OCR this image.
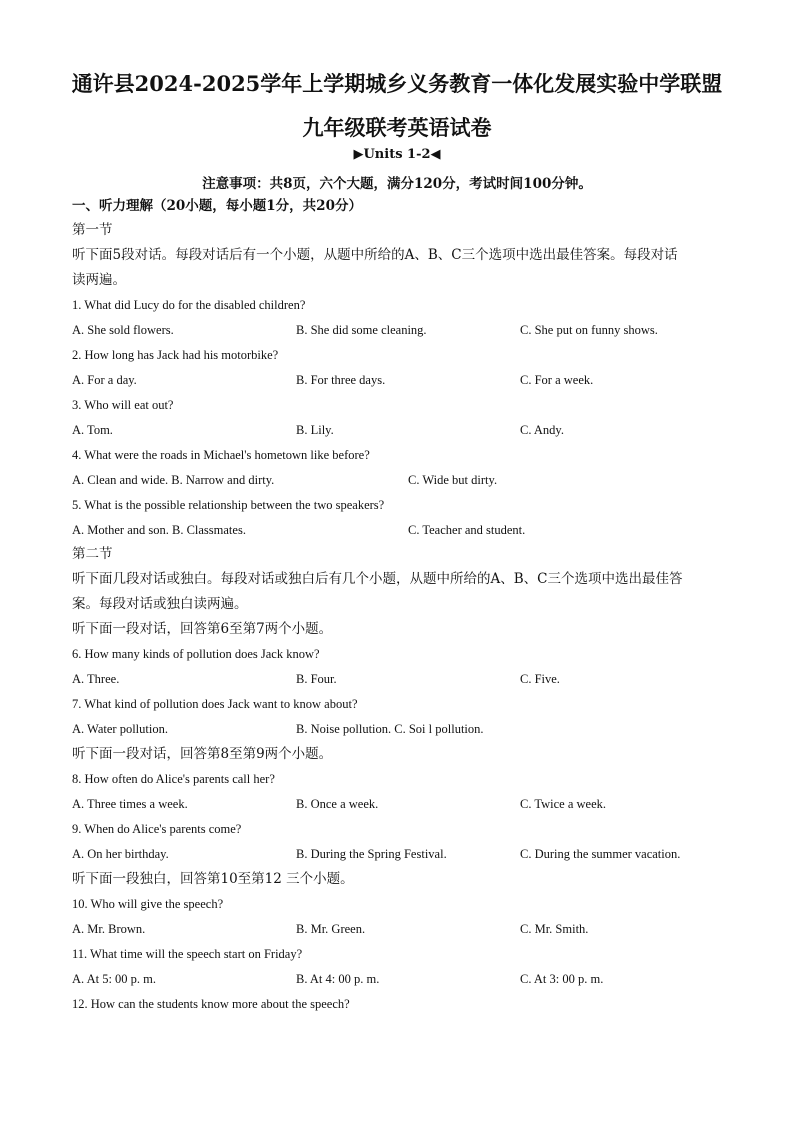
通许县2024-2025学年上学期城乡义务教育一体化发展实验中学联盟
九年级联考英语试卷
▶Units 1-2◀
注意事项：共8页，六个大题，满分120分，考试时间100分钟。
一、听力理解（20小题，每小题1分，共20分）
第一节
听下面5段对话。每段对话后有一个小题，从题中所给的A、B、C三个选项中选出最佳答案。每段对话
读两遍。
1. What did Lucy do for the disabled children?
A. She sold flowers.	B. She did some cleaning.	C. She put on funny shows.
2. How long has Jack had his motorbike?
A. For a day.	B. For three days.	C. For a week.
3. Who will eat out?
A. Tom.	B. Lily.	C. Andy.
4. What were the roads in Michael's hometown like before?
A. Clean and wide. B. Narrow and dirty.	C. Wide but dirty.
5. What is the possible relationship between the two speakers?
A. Mother and son. B. Classmates.	C. Teacher and student.
第二节
听下面几段对话或独白。每段对话或独白后有几个小题，从题中所给的A、B、C三个选项中选出最佳答
案。每段对话或独白读两遍。
听下面一段对话，回答第6至第7两个小题。
6. How many kinds of pollution does Jack know?
A. Three.	B. Four.	C. Five.
7. What kind of pollution does Jack want to know about?
A. Water pollution.	B. Noise pollution. C. Soi l pollution.
听下面一段对话，回答第8至第9两个小题。
8. How often do Alice's parents call her?
A. Three times a week.	B. Once a week.	C. Twice a week.
9. When do Alice's parents come?
A. On her birthday.	B. During the Spring Festival.	C. During the summer vacation.
听下面一段独白，回答第10至第12 三个小题。
10. Who will give the speech?
A. Mr. Brown.	B. Mr. Green.	C. Mr. Smith.
11. What time will the speech start on Friday?
A. At 5: 00 p. m.	B. At 4: 00 p. m.	C. At 3: 00 p. m.
12. How can the students know more about the speech?
